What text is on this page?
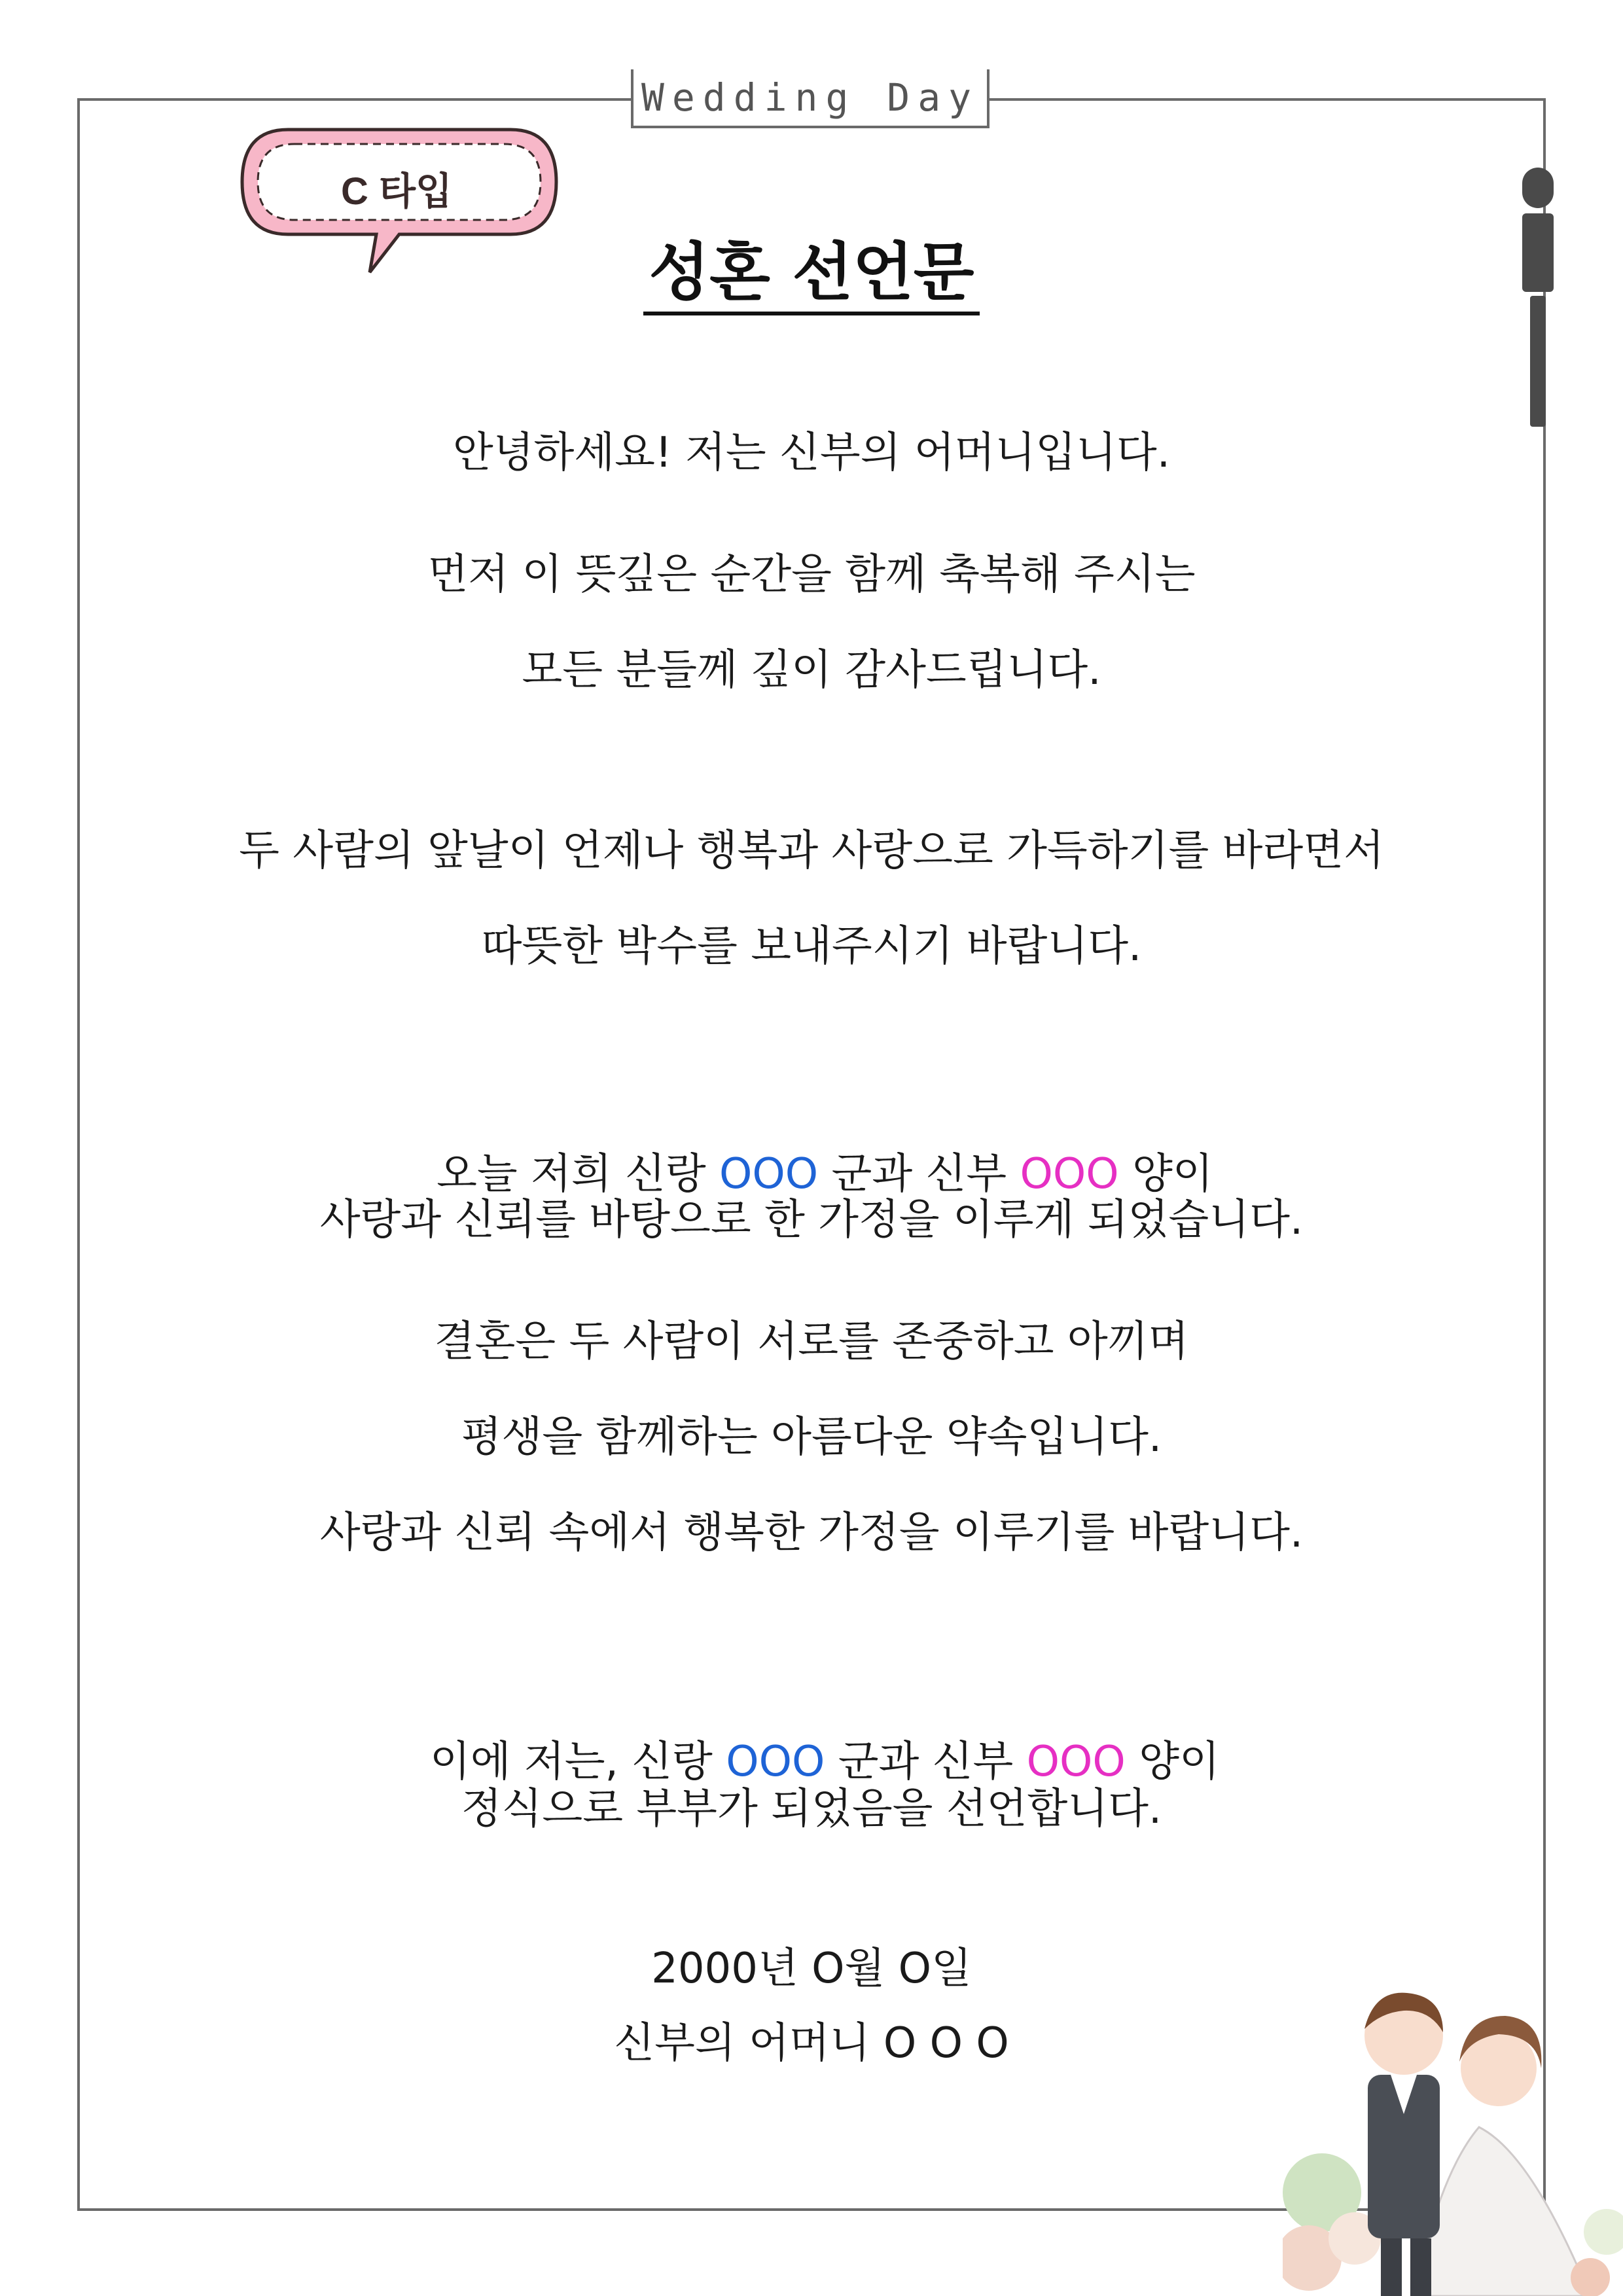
Wedding Day
C 타입
성혼 선언문
안녕하세요! 저는 신부의 어머니입니다.
먼저 이 뜻깊은 순간을 함께 축복해 주시는
모든 분들께 깊이 감사드립니다.
두 사람의 앞날이 언제나 행복과 사랑으로 가득하기를 바라면서
따뜻한 박수를 보내주시기 바랍니다.

오늘 저희 신랑 OOO 군과 신부 OOO 양이

사랑과 신뢰를 바탕으로 한 가정을 이루게 되었습니다.
결혼은 두 사람이 서로를 존중하고 아끼며
평생을 함께하는 아름다운 약속입니다.
사랑과 신뢰 속에서 행복한 가정을 이루기를 바랍니다.

이에 저는, 신랑 OOO 군과 신부 OOO 양이

정식으로 부부가 되었음을 선언합니다.
2000년 O월 O일
신부의 어머니 O O O
